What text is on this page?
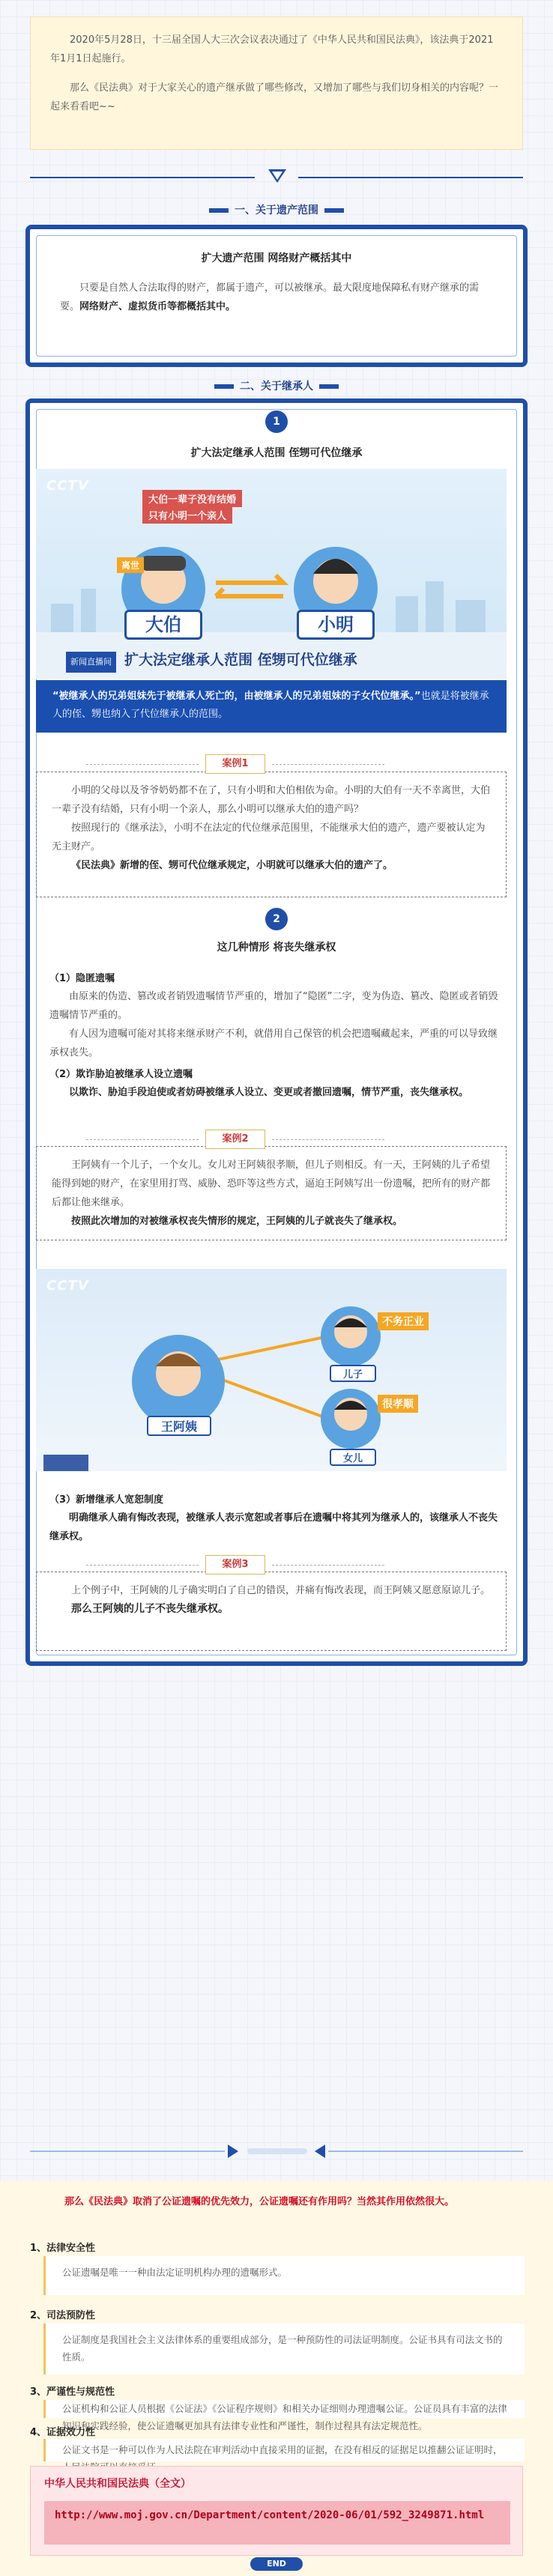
2020年5月28日，十三届全国人大三次会议表决通过了《中华人民共和国民法典》，该法典于2021年1月1日起施行。

那么《民法典》对于大家关心的遗产继承做了哪些修改，又增加了哪些与我们切身相关的内容呢？一起来看看吧~~

一、关于遗产范围
扩大遗产范围 网络财产概括其中
只要是自然人合法取得的财产，都属于遗产，可以被继承。最大限度地保障私有财产继承的需要。网络财产、虚拟货币等都概括其中。
二、关于继承人
1
扩大法定继承人范围 侄甥可代位继承
CCTV
大伯一辈子没有结婚
只有小明一个亲人
离世
大伯	小明
新闻直播间 扩大法定继承人范围 侄甥可代位继承
“被继承人的兄弟姐妹先于被继承人死亡的，由被继承人的兄弟姐妹的子女代位继承。”也就是将被继承人的侄、甥也纳入了代位继承人的范围。
小明的父母以及爷爷奶奶都不在了，只有小明和大伯相依为命。小明的大伯有一天不幸离世，大伯一辈子没有结婚，只有小明一个亲人，那么小明可以继承大伯的遗产吗？
按照现行的《继承法》，小明不在法定的代位继承范围里，不能继承大伯的遗产，遗产要被认定为无主财产。
《民法典》新增的侄、甥可代位继承规定，小明就可以继承大伯的遗产了。
案例1
2
这几种情形 将丧失继承权
（1）隐匿遗嘱
由原来的伪造、篡改或者销毁遗嘱情节严重的，增加了“隐匿”二字，变为伪造、篡改、隐匿或者销毁遗嘱情节严重的。
有人因为遗嘱可能对其将来继承财产不利，就借用自己保管的机会把遗嘱藏起来，严重的可以导致继承权丧失。
（2）欺诈胁迫被继承人设立遗嘱
以欺诈、胁迫手段迫使或者妨碍被继承人设立、变更或者撤回遗嘱，情节严重，丧失继承权。
王阿姨有一个儿子，一个女儿。女儿对王阿姨很孝顺，但儿子则相反。有一天，王阿姨的儿子希望能得到她的财产，在家里用打骂、威胁、恐吓等这些方式，逼迫王阿姨写出一份遗嘱，把所有的财产都后都让他来继承。
按照此次增加的对被继承权丧失情形的规定，王阿姨的儿子就丧失了继承权。
案例2
CCTV
不务正业
儿子
很孝顺
女儿
王阿姨
（3）新增继承人宽恕制度
明确继承人确有悔改表现，被继承人表示宽恕或者事后在遗嘱中将其列为继承人的，该继承人不丧失继承权。
上个例子中，王阿姨的儿子确实明白了自己的错误，并痛有悔改表现，而王阿姨又愿意原谅儿子。
那么王阿姨的儿子不丧失继承权。
案例3
那么《民法典》取消了公证遗嘱的优先效力，公证遗嘱还有作用吗？当然其作用依然很大。
1、法律安全性
公证遗嘱是唯一一种由法定证明机构办理的遗嘱形式。
2、司法预防性
公证制度是我国社会主义法律体系的重要组成部分，是一种预防性的司法证明制度。公证书具有司法文书的性质。
3、严谨性与规范性
公证机构和公证人员根据《公证法》《公证程序规则》和相关办证细则办理遗嘱公证。公证员具有丰富的法律知识和实践经验，使公证遗嘱更加具有法律专业性和严谨性，制作过程具有法定规范性。
4、证据效力性
公证文书是一种可以作为人民法院在审判活动中直接采用的证据，在没有相反的证据足以推翻公证证明时，
中华人民共和国民法典（全文）
http://www.moj.gov.cn/Department/content/2020-06/01/592_3249871.html
END
